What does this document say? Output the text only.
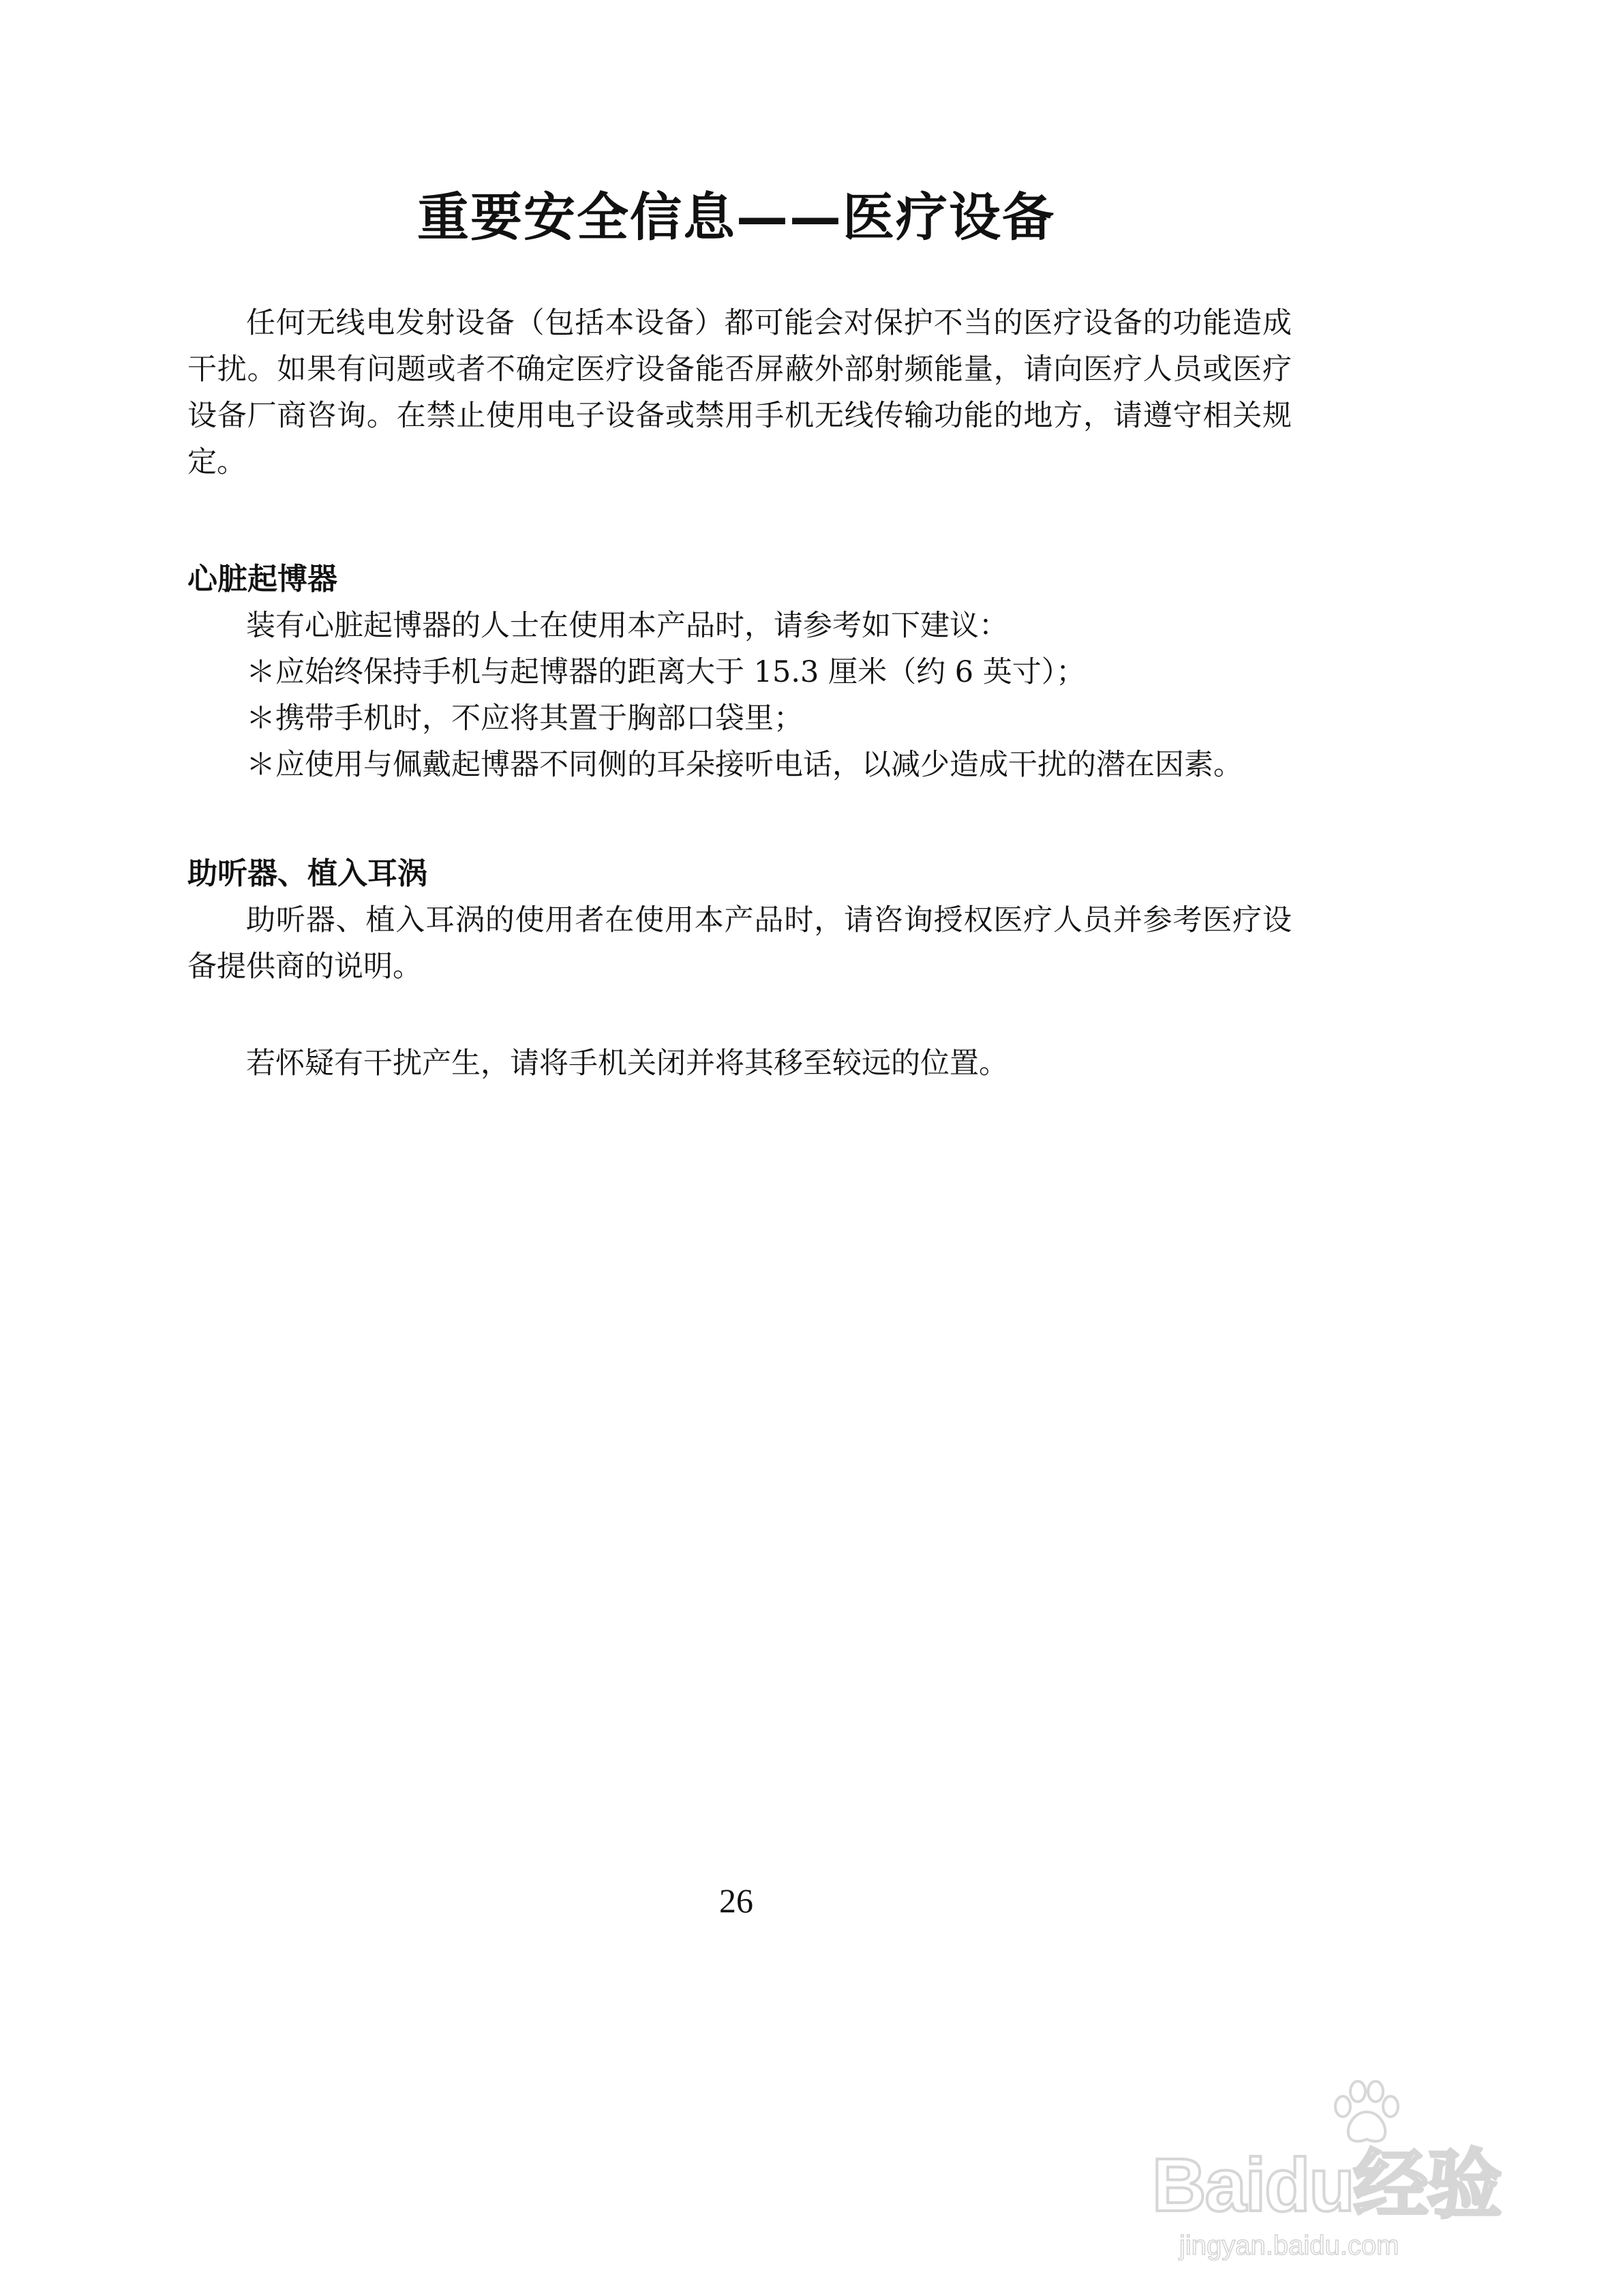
重要安全信息——医疗设备

任何无线电发射设备（包括本设备）都可能会对保护不当的医疗设备的功能造成干扰。如果有问题或者不确定医疗设备能否屏蔽外部射频能量，请向医疗人员或医疗设备厂商咨询。在禁止使用电子设备或禁用手机无线传输功能的地方，请遵守相关规定。

心脏起博器

装有心脏起博器的人士在使用本产品时，请参考如下建议：

＊应始终保持手机与起博器的距离大于 15.3 厘米（约 6 英寸）；

＊携带手机时，不应将其置于胸部口袋里；

＊应使用与佩戴起博器不同侧的耳朵接听电话，以减少造成干扰的潜在因素。

助听器、植入耳涡

助听器、植入耳涡的使用者在使用本产品时，请咨询授权医疗人员并参考医疗设备提供商的说明。

若怀疑有干扰产生，请将手机关闭并将其移至较远的位置。

26
Baidu经验
jingyan.baidu.com
